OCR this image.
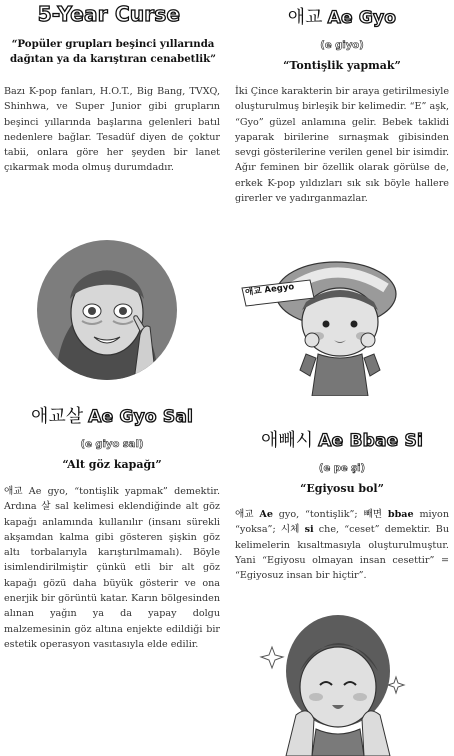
5-Year Curse
“Popüler grupları beşinci yıllarında dağıtan ya da karıştıran cenabetlik”
Bazı K-pop fanları, H.O.T., Big Bang, TVXQ, Shinhwa, ve Super Junior gibi grupların beşinci yıllarında başlarına gelenleri batıl nedenlere bağlar. Tesadüf diyen de çoktur tabii, onlara göre her şeyden bir lanet çıkarmak moda olmuş durumdadır.
애교 Ae Gyo
(e giyo)
“Tontişlik yapmak”
İki Çince karakterin bir araya getirilmesiyle oluşturulmuş birleşik bir kelimedir. “E” aşk, “Gyo” güzel anlamına gelir. Bebek taklidi yaparak birilerine sırnaşmak gibisinden sevgi gösterilerine verilen genel bir isimdir. Ağır feminen bir özellik olarak görülse de, erkek K-pop yıldızları sık sık böyle hallere girerler ve yadırganmazlar.
애교 Aegyo
애교살 Ae Gyo Sal
(e giyo sal)
“Alt göz kapağı”
애교 Ae gyo, “tontişlik yapmak” demektir. Ardına 살 sal kelimesi eklendiğinde alt göz kapağı anlamında kullanılır (insanı sürekli akşamdan kalma gibi gösteren şişkin göz altı torbalarıyla karıştırılmamalı). Böyle isimlendirilmiştir çünkü etli bir alt göz kapağı gözü daha büyük gösterir ve ona enerjik bir görüntü katar. Karın bölgesinden alınan yağın ya da yapay dolgu malzemesinin göz altına enjekte edildiği bir estetik operasyon vasıtasıyla elde edilir.
애빼시 Ae Bbae Si
(e pe şi)
“Egiyosu bol”
애교 Ae gyo, “tontişlik”; 빼면 bbae miyon “yoksa”; 시체 si che, “ceset” demektir. Bu kelimelerin kısaltmasıyla oluşturulmuştur. Yani “Egiyosu olmayan insan cesettir” = “Egiyosuz insan bir hiçtir”.
